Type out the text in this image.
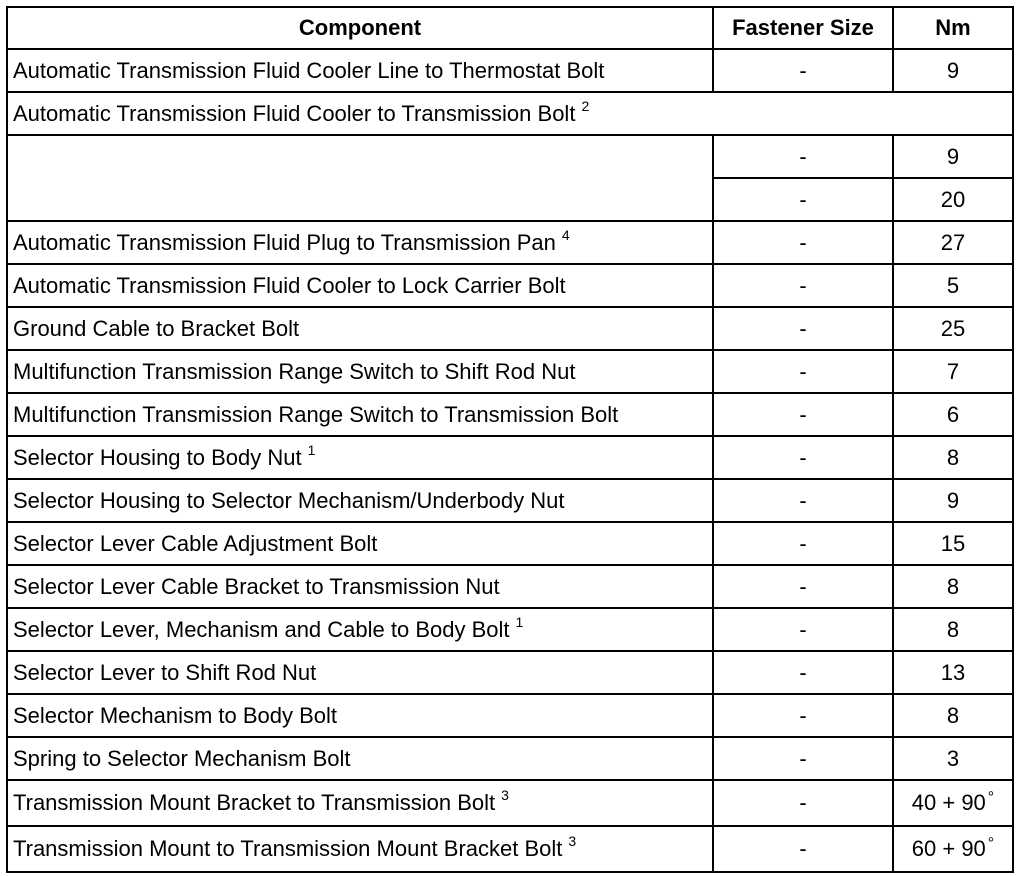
Component	Fastener Size	Nm
Automatic Transmission Fluid Cooler Line to Thermostat Bolt	-	9
Automatic Transmission Fluid Cooler to Transmission Bolt $^2$
	-	9
	-	20
Automatic Transmission Fluid Plug to Transmission Pan $^4$	-	27
Automatic Transmission Fluid Cooler to Lock Carrier Bolt	-	5
Ground Cable to Bracket Bolt	-	25
Multifunction Transmission Range Switch to Shift Rod Nut	-	7
Multifunction Transmission Range Switch to Transmission Bolt	-	6
Selector Housing to Body Nut $^1$	-	8
Selector Housing to Selector Mechanism/Underbody Nut	-	9
Selector Lever Cable Adjustment Bolt	-	15
Selector Lever Cable Bracket to Transmission Nut	-	8
Selector Lever, Mechanism and Cable to Body Bolt $^1$	-	8
Selector Lever to Shift Rod Nut	-	13
Selector Mechanism to Body Bolt	-	8
Spring to Selector Mechanism Bolt	-	3
Transmission Mount Bracket to Transmission Bolt $^3$	-	40 + 90 °
Transmission Mount to Transmission Mount Bracket Bolt $^3$	-	60 + 90 °
